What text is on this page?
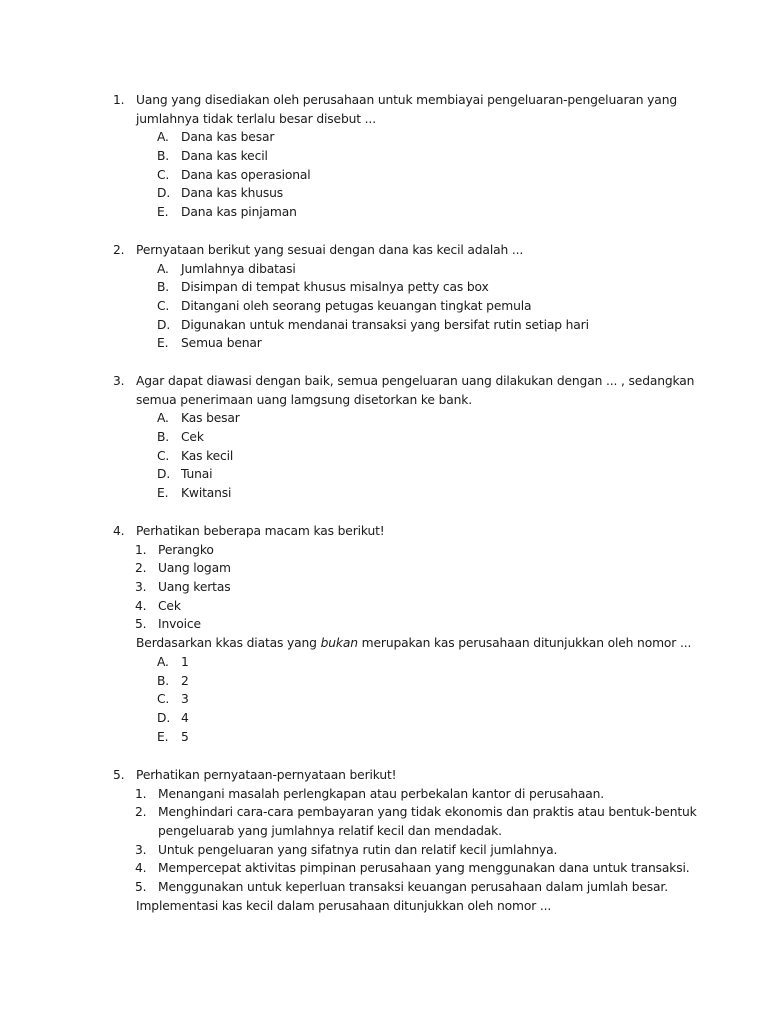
1. Uang yang disediakan oleh perusahaan untuk membiayai pengeluaran-pengeluaran yang
jumlahnya tidak terlalu besar disebut ...
A. Dana kas besar
B. Dana kas kecil
C. Dana kas operasional
D. Dana kas khusus
E. Dana kas pinjaman
2. Pernyataan berikut yang sesuai dengan dana kas kecil adalah ...
A. Jumlahnya dibatasi
B. Disimpan di tempat khusus misalnya petty cas box
C. Ditangani oleh seorang petugas keuangan tingkat pemula
D. Digunakan untuk mendanai transaksi yang bersifat rutin setiap hari
E. Semua benar
3. Agar dapat diawasi dengan baik, semua pengeluaran uang dilakukan dengan ... , sedangkan
semua penerimaan uang lamgsung disetorkan ke bank.
A. Kas besar
B. Cek
C. Kas kecil
D. Tunai
E. Kwitansi
4. Perhatikan beberapa macam kas berikut!
1. Perangko
2. Uang logam
3. Uang kertas
4. Cek
5. Invoice
Berdasarkan kkas diatas yang bukan merupakan kas perusahaan ditunjukkan oleh nomor ...
A. 1
B. 2
C. 3
D. 4
E. 5
5. Perhatikan pernyataan-pernyataan berikut!
1. Menangani masalah perlengkapan atau perbekalan kantor di perusahaan.
2. Menghindari cara-cara pembayaran yang tidak ekonomis dan praktis atau bentuk-bentuk
pengeluarab yang jumlahnya relatif kecil dan mendadak.
3. Untuk pengeluaran yang sifatnya rutin dan relatif kecil jumlahnya.
4. Mempercepat aktivitas pimpinan perusahaan yang menggunakan dana untuk transaksi.
5. Menggunakan untuk keperluan transaksi keuangan perusahaan dalam jumlah besar.
Implementasi kas kecil dalam perusahaan ditunjukkan oleh nomor ...
